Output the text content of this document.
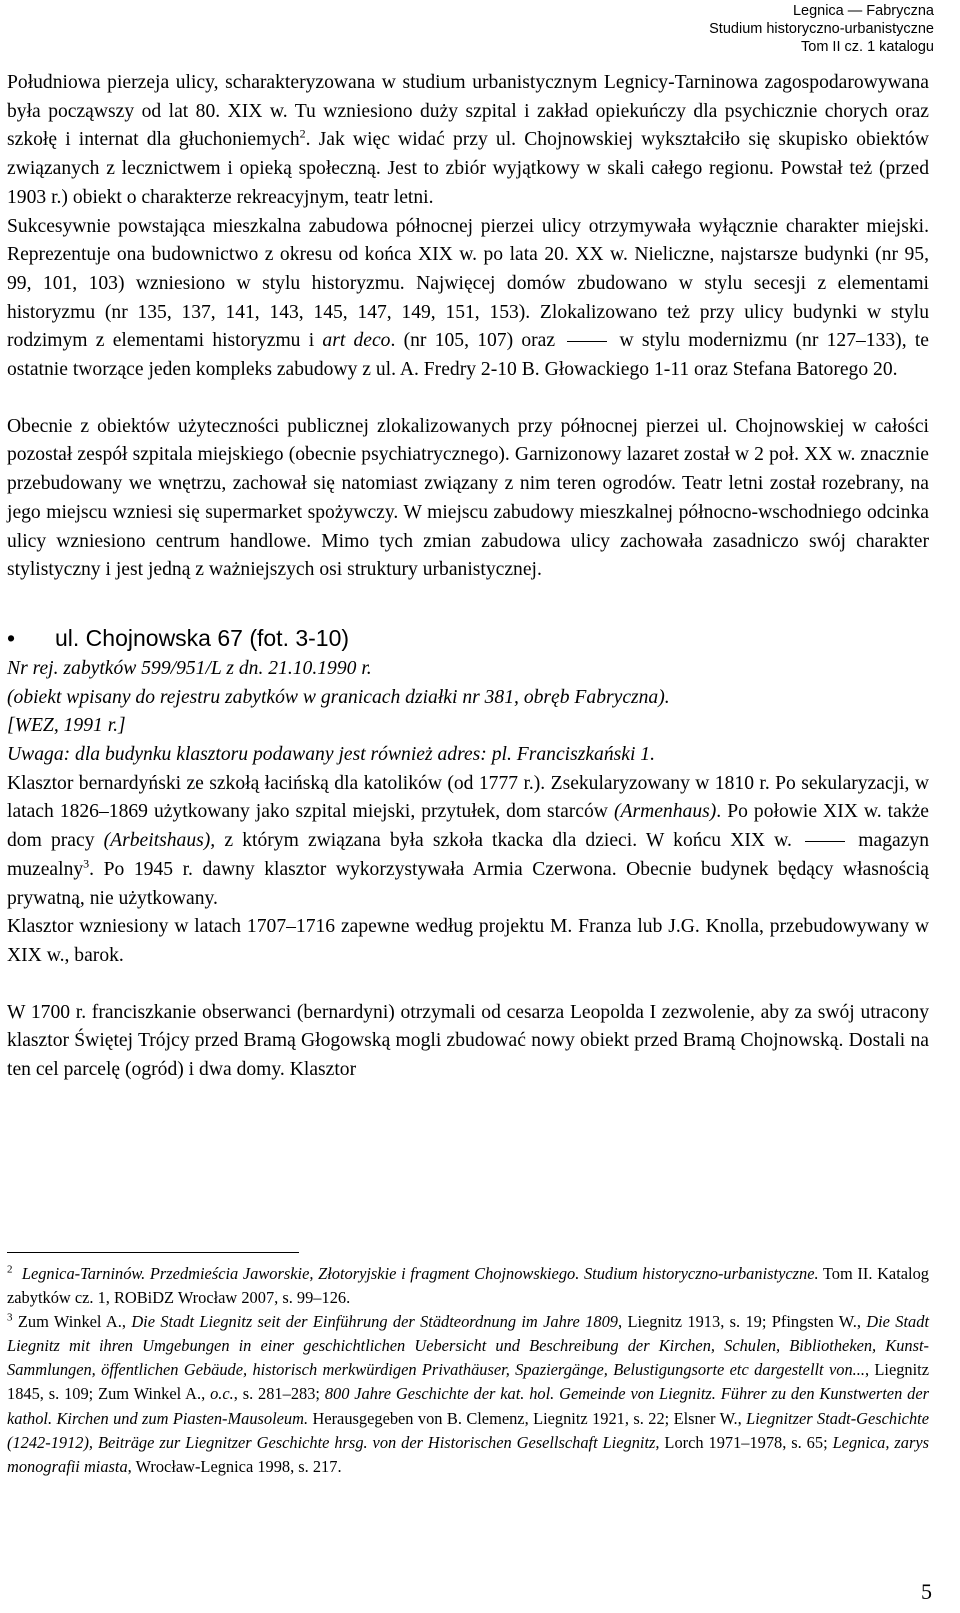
Legnica — Fabryczna
Studium historyczno-urbanistyczne
Tom II cz. 1 katalogu

Południowa pierzeja ulicy, scharakteryzowana w studium urbanistycznym Legnicy-Tarninowa zagospodarowywana była począwszy od lat 80. XIX w. Tu wzniesiono duży szpital i zakład opiekuńczy dla psychicznie chorych oraz szkołę i internat dla głuchoniemych$^2$. Jak więc widać przy ul. Chojnowskiej wykształciło się skupisko obiektów związanych z lecznictwem i opieką społeczną. Jest to zbiór wyjątkowy w skali całego regionu. Powstał też (przed 1903 r.) obiekt o charakterze rekreacyjnym, teatr letni.

Sukcesywnie powstająca mieszkalna zabudowa północnej pierzei ulicy otrzymywała wyłącznie charakter miejski. Reprezentuje ona budownictwo z okresu od końca XIX w. po lata 20. XX w. Nieliczne, najstarsze budynki (nr 95, 99, 101, 103) wzniesiono w stylu historyzmu. Najwięcej domów zbudowano w stylu secesji z elementami historyzmu (nr 135, 137, 141, 143, 145, 147, 149, 151, 153). Zlokalizowano też przy ulicy budynki w stylu rodzimym z elementami historyzmu i art deco. (nr 105, 107) oraz	w stylu modernizmu (nr 127–133), te ostatnie tworzące jeden kompleks zabudowy z ul. A. Fredry 2-10 B. Głowackiego 1-11 oraz Stefana Batorego 20.

Obecnie z obiektów użyteczności publicznej zlokalizowanych przy północnej pierzei ul. Chojnowskiej w całości pozostał zespół szpitala miejskiego (obecnie psychiatrycznego). Garnizonowy lazaret został w 2 poł. XX w. znacznie przebudowany we wnętrzu, zachował się natomiast związany z nim teren ogrodów. Teatr letni został rozebrany, na jego miejscu wzniesi się supermarket spożywczy. W miejscu zabudowy mieszkalnej północno-wschodniego odcinka ulicy wzniesiono centrum handlowe. Mimo tych zmian zabudowa ulicy zachowała zasadniczo swój charakter stylistyczny i jest jedną z ważniejszych osi struktury urbanistycznej.

• ul. Chojnowska 67 (fot. 3-10)

Nr rej. zabytków 599/951/L z dn. 21.10.1990 r.

(obiekt wpisany do rejestru zabytków w granicach działki nr 381, obręb Fabryczna).

[WEZ, 1991 r.]

Uwaga: dla budynku klasztoru podawany jest również adres: pl. Franciszkański 1.

Klasztor bernardyński ze szkołą łacińską dla katolików (od 1777 r.). Zsekularyzowany w 1810 r. Po sekularyzacji, w latach 1826–1869 użytkowany jako szpital miejski, przytułek, dom starców (Armenhaus). Po połowie XIX w. także dom pracy (Arbeitshaus), z którym związana była szkoła tkacka dla dzieci. W końcu XIX w.	magazyn muzealny$^3$. Po 1945 r. dawny klasztor wykorzystywała Armia Czerwona. Obecnie budynek będący własnością prywatną, nie użytkowany.

Klasztor wzniesiony w latach 1707–1716 zapewne według projektu M. Franza lub J.G. Knolla, przebudowywany w XIX w., barok.

W 1700 r. franciszkanie obserwanci (bernardyni) otrzymali od cesarza Leopolda I zezwolenie, aby za swój utracony klasztor Świętej Trójcy przed Bramą Głogowską mogli zbudować nowy obiekt przed Bramą Chojnowską. Dostali na ten cel parcelę (ogród) i dwa domy. Klasztor

$^2$ Legnica-Tarninów. Przedmieścia Jaworskie, Złotoryjskie i fragment Chojnowskiego. Studium historyczno-urbanistyczne. Tom II. Katalog zabytków cz. 1, ROBiDZ Wrocław 2007, s. 99–126.

$^3$ Zum Winkel A., Die Stadt Liegnitz seit der Einführung der Städteordnung im Jahre 1809, Liegnitz 1913, s. 19; Pfingsten W., Die Stadt Liegnitz mit ihren Umgebungen in einer geschichtlichen Uebersicht und Beschreibung der Kirchen, Schulen, Bibliotheken, Kunst-Sammlungen, öffentlichen Gebäude, historisch merkwürdigen Privathäuser, Spaziergänge, Belustigungsorte etc dargestellt von..., Liegnitz 1845, s. 109; Zum Winkel A., o.c., s. 281–283; 800 Jahre Geschichte der kat. hol. Gemeinde von Liegnitz. Führer zu den Kunstwerten der kathol. Kirchen und zum Piasten-Mausoleum. Herausgegeben von B. Clemenz, Liegnitz 1921, s. 22; Elsner W., Liegnitzer Stadt-Geschichte (1242-1912), Beiträge zur Liegnitzer Geschichte hrsg. von der Historischen Gesellschaft Liegnitz, Lorch 1971–1978, s. 65; Legnica, zarys monografii miasta, Wrocław-Legnica 1998, s. 217.

5
